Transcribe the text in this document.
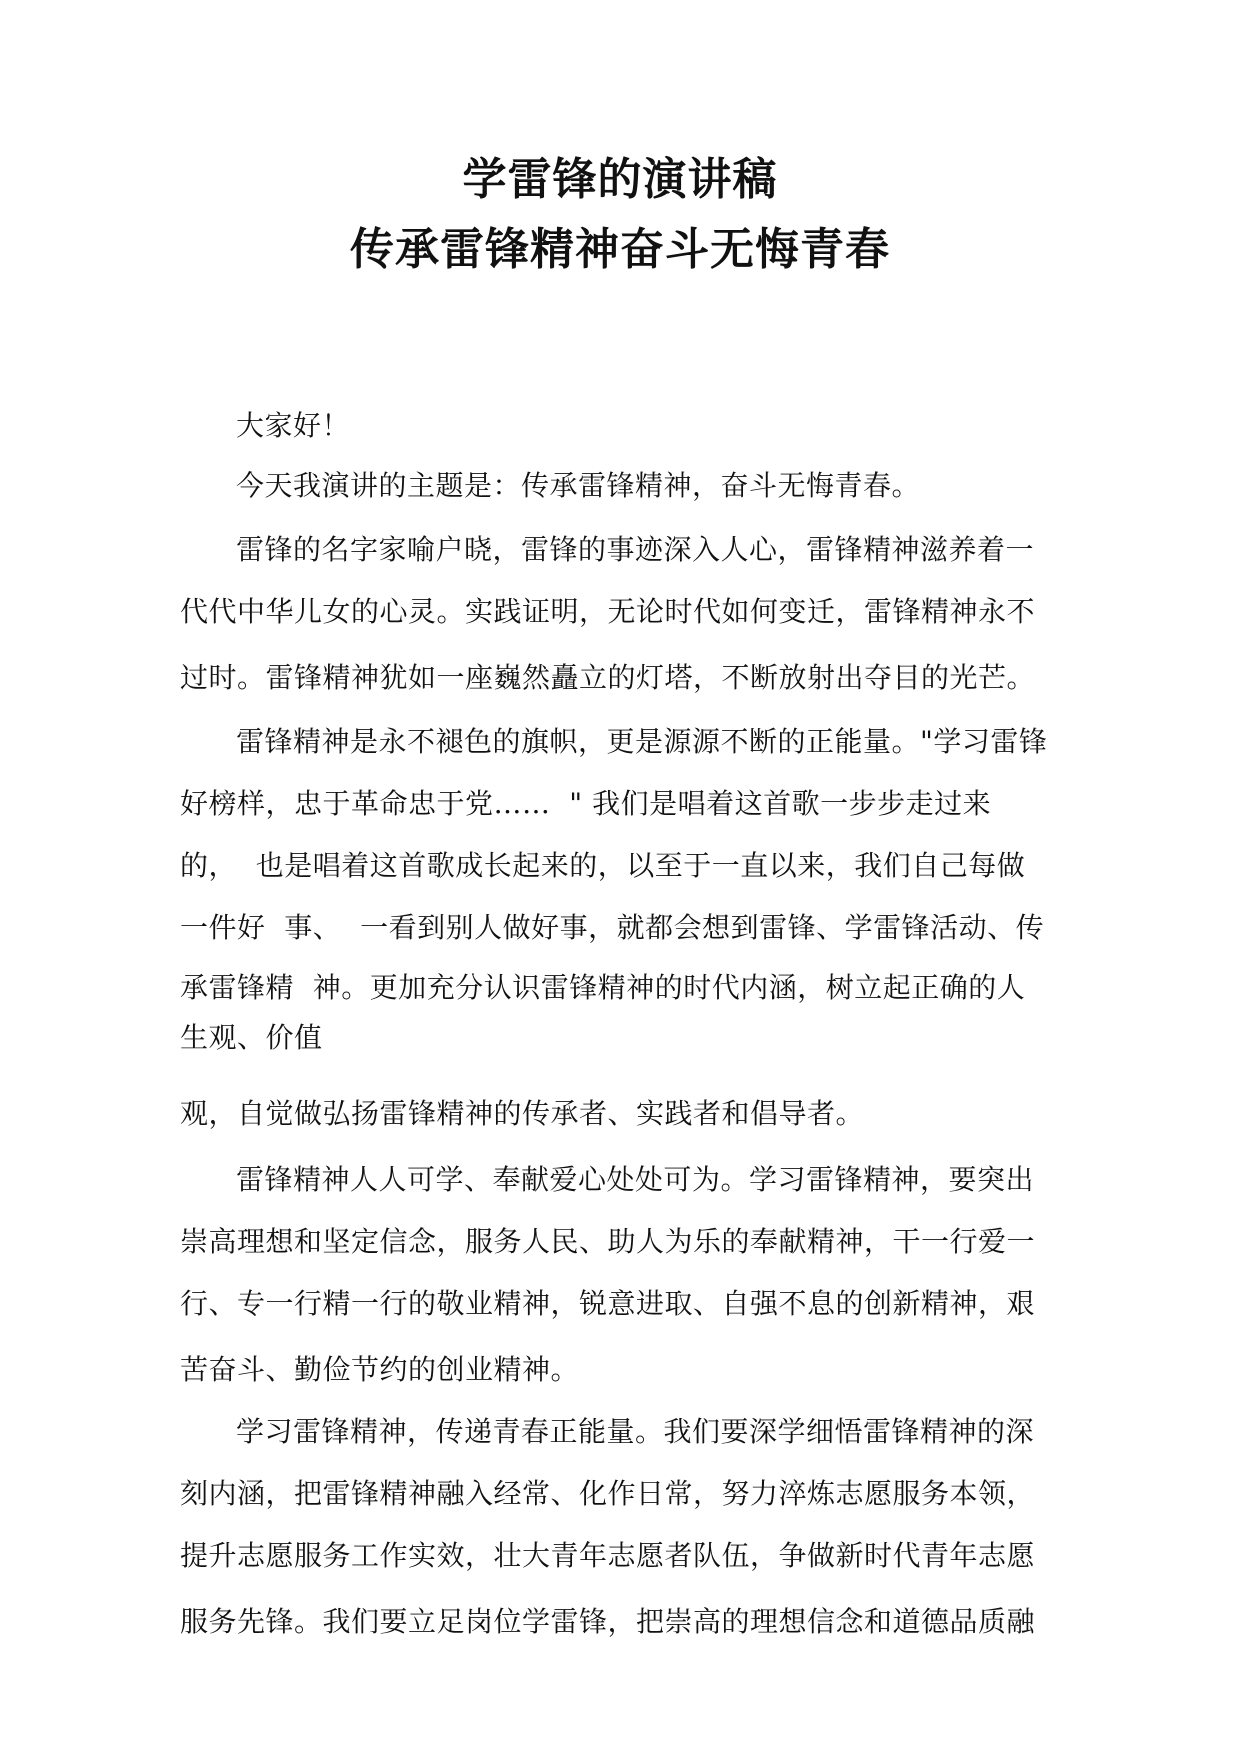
学雷锋的演讲稿
传承雷锋精神奋斗无悔青春
大家好！
今天我演讲的主题是：传承雷锋精神，奋斗无悔青春。
雷锋的名字家喻户晓，雷锋的事迹深入人心，雷锋精神滋养着一
代代中华儿女的心灵。实践证明，无论时代如何变迁，雷锋精神永不
过时。雷锋精神犹如一座巍然矗立的灯塔，不断放射出夺目的光芒。
雷锋精神是永不褪色的旗帜，更是源源不断的正能量。"学习雷锋
好榜样，忠于革命忠于党……  " 我们是唱着这首歌一步步走过来
的，  也是唱着这首歌成长起来的，以至于一直以来，我们自己每做
一件好  事、  一看到别人做好事，就都会想到雷锋、学雷锋活动、传
承雷锋精  神。更加充分认识雷锋精神的时代内涵，树立起正确的人
生观、价值
观，自觉做弘扬雷锋精神的传承者、实践者和倡导者。
雷锋精神人人可学、奉献爱心处处可为。学习雷锋精神，要突出
崇高理想和坚定信念，服务人民、助人为乐的奉献精神，干一行爱一
行、专一行精一行的敬业精神，锐意进取、自强不息的创新精神，艰
苦奋斗、勤俭节约的创业精神。
学习雷锋精神，传递青春正能量。我们要深学细悟雷锋精神的深
刻内涵，把雷锋精神融入经常、化作日常，努力淬炼志愿服务本领，
提升志愿服务工作实效，壮大青年志愿者队伍，争做新时代青年志愿
服务先锋。我们要立足岗位学雷锋，把崇高的理想信念和道德品质融
